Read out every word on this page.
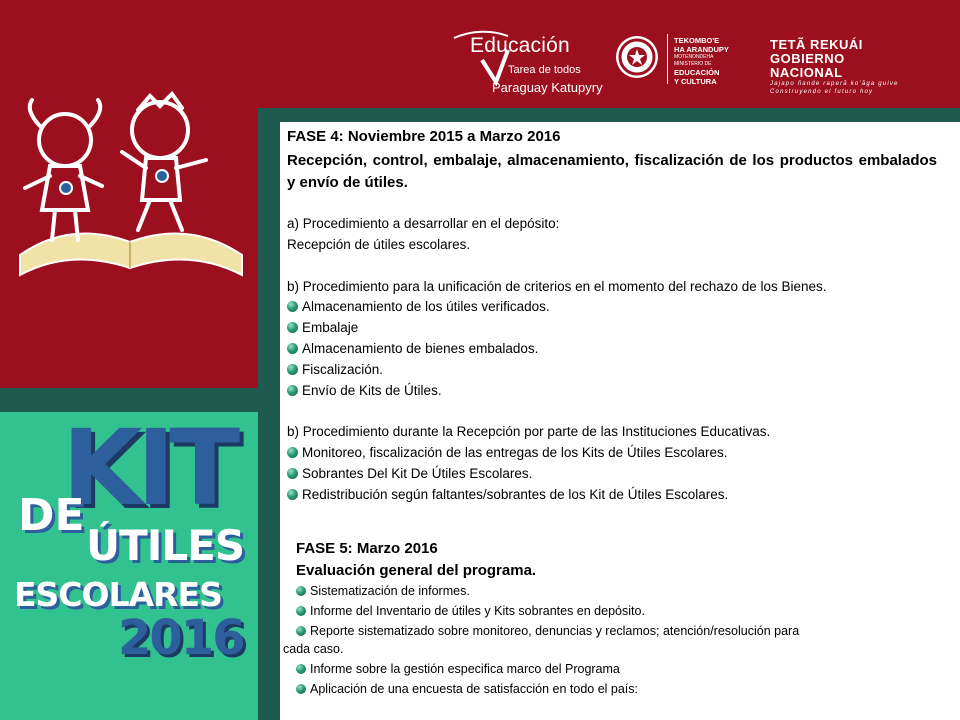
Educación
Tarea de todos
Paraguay Katupyry
TEKOMBO'E
HA ARANDUPY
MOTENONDEHA
MINISTERIO DE
EDUCACIÓN
Y CULTURA
TETÃ REKUÁI
GOBIERNO NACIONAL
Jajapo ñande raperã ko'ãga guive
Construyendo el futuro hoy
KIT
DE
ÚTILES
ESCOLARES
2016
FASE 4: Noviembre 2015 a Marzo 2016
Recepción, control, embalaje, almacenamiento, fiscalización de los productos embalados y envío de útiles.
a) Procedimiento a desarrollar en el depósito:
Recepción de útiles escolares.
b) Procedimiento para la unificación de criterios en el momento del rechazo de los Bienes.
Almacenamiento de los útiles verificados.
Embalaje
Almacenamiento de bienes embalados.
Fiscalización.
Envío de Kits de Útiles.
b) Procedimiento durante la Recepción por parte de las Instituciones Educativas.
Monitoreo, fiscalización de las entregas de los Kits de Útiles Escolares.
Sobrantes Del Kit De Útiles Escolares.
Redistribución según faltantes/sobrantes de los Kit de Útiles Escolares.
FASE 5: Marzo 2016
Evaluación general del programa.
Sistematización de informes.
Informe del Inventario de útiles y Kits sobrantes en depósito.
Reporte sistematizado sobre monitoreo, denuncias y reclamos; atención/resolución para
cada caso.
Informe sobre la gestión especifica marco del Programa
Aplicación de una encuesta de satisfacción en todo el país:
